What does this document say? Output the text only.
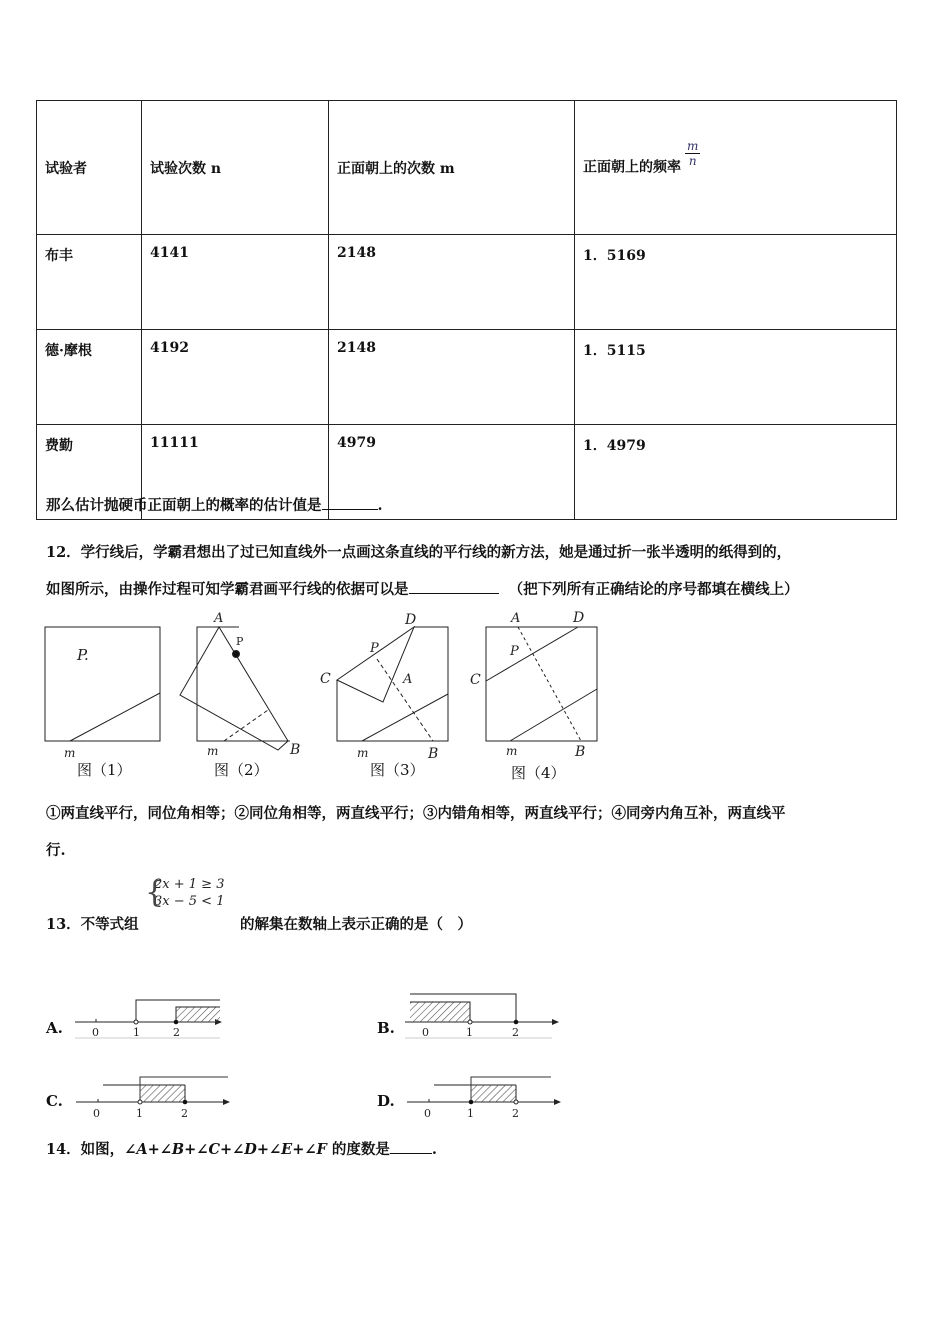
试验者	试验次数 n	正面朝上的次数 m	正面朝上的频率 $\frac{m}{n}$

布丰	4141	2148	1．5169
德·摩根	4192	2148	1．5115
费勤	11111	4979	1．4979
那么估计抛硬币正面朝上的概率的估计值是	.
12．学行线后，学霸君想出了过已知直线外一点画这条直线的平行线的新方法，她是通过折一张半透明的纸得到的，
如图所示，由操作过程可知学霸君画平行线的依据可以是	（把下列所有正确结论的序号都填在横线上）
P.
m
A
P
m	B
D
P
C	A
m	B
A	D
P
C
m	B
图（1）	图（2）	图（3）	图（4）
①两直线平行，同位角相等；②同位角相等，两直线平行；③内错角相等，两直线平行；④同旁内角互补，两直线平
行.
{
2x + 1 ≥ 3
3x − 5 < 1
13．不等式组	的解集在数轴上表示正确的是（　）
A.	0	1	2	B. 0	1	2
C.
0	1	2
D.
0	1	2
14．如图，∠A+∠B+∠C+∠D+∠E+∠F 的度数是	.
